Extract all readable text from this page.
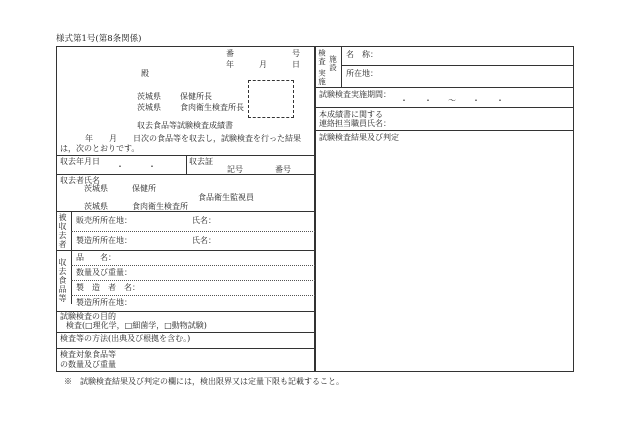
様式第1号(第8条関係)
番	号
年	月	日
殿
茨城県 保健所長
茨城県 食肉衛生検査所長
収去食品等試験検査成績書
年　　月　　日次の食品等を収去し，試験検査を行った結果
は，次のとおりです。
収去年月日
・　　　・
収去証
記号　　　　番号
収去者氏名
茨城県	保健所
食品衛生監視員
茨城県	食肉衛生検査所
被収去者 販売所所在地：	氏名：
製造所所在地：	氏名：
収去食品等
品　　名：
数量及び重量：
製　造　者　名：
製造所所在地：
試験検査の目的
検査(□理化学，□細菌学，□動物試験)
検査等の方法(出典及び根拠を含む。)
検査対象食品等
の数量及び重量
検査 施設
実施
名　称：
所在地：
試験検査実施期間：
・　　・　　～　　・　　・
本成績書に関する
連絡担当職員氏名：
試験検査結果及び判定
※　試験検査結果及び判定の欄には，検出限界又は定量下限も記載すること。
